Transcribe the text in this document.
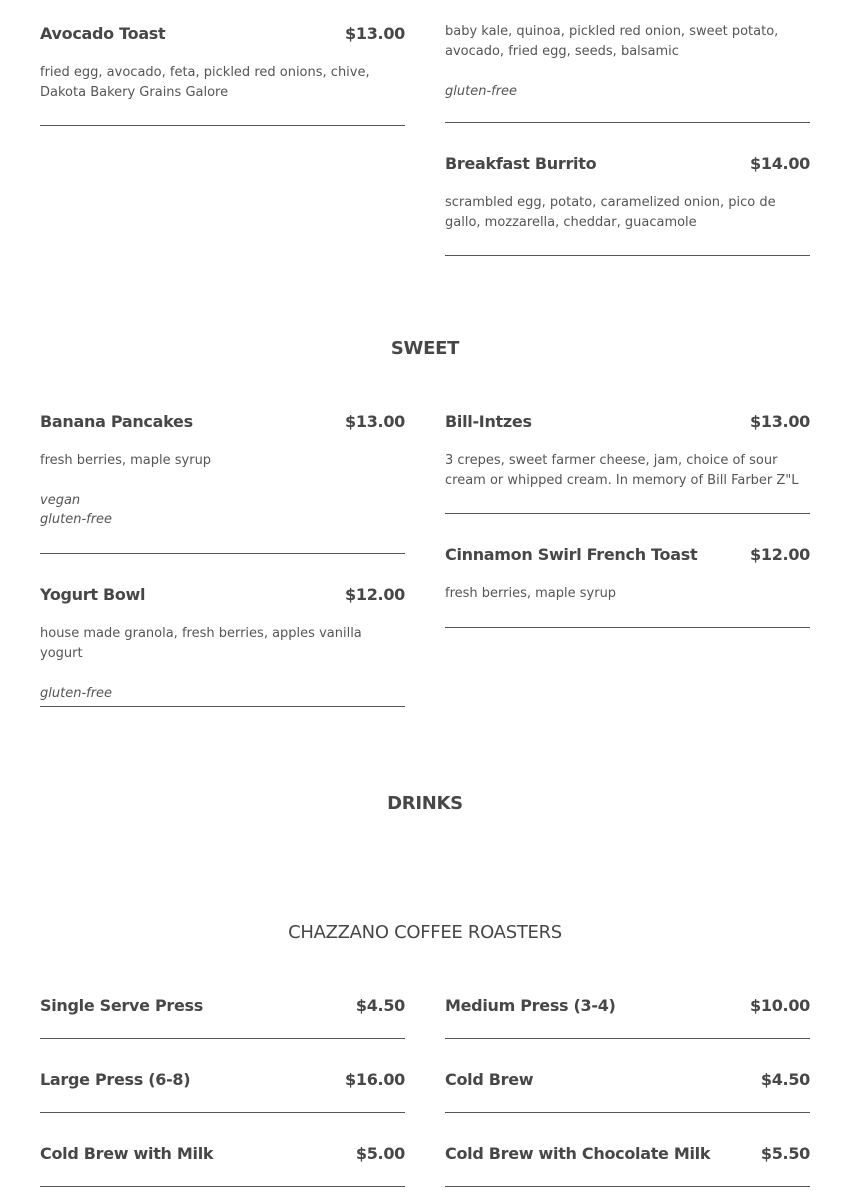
Avocado Toast	$13.00
fried egg, avocado, feta, pickled red onions, chive, Dakota Bakery Grains Galore
baby kale, quinoa, pickled red onion, sweet potato, avocado, fried egg, seeds, balsamic
gluten-free
Breakfast Burrito	$14.00
scrambled egg, potato, caramelized onion, pico de gallo, mozzarella, cheddar, guacamole
SWEET
Banana Pancakes	$13.00
fresh berries, maple syrup
vegan
gluten-free
Bill-Intzes	$13.00
3 crepes, sweet farmer cheese, jam, choice of sour cream or whipped cream. In memory of Bill Farber Z"L
Cinnamon Swirl French Toast	$12.00
fresh berries, maple syrup
Yogurt Bowl	$12.00
house made granola, fresh berries, apples vanilla yogurt
gluten-free
DRINKS
CHAZZANO COFFEE ROASTERS
Single Serve Press	$4.50	Medium Press (3-4)	$10.00
Large Press (6-8)	$16.00	Cold Brew	$4.50
Cold Brew with Milk	$5.00	Cold Brew with Chocolate Milk	$5.50
